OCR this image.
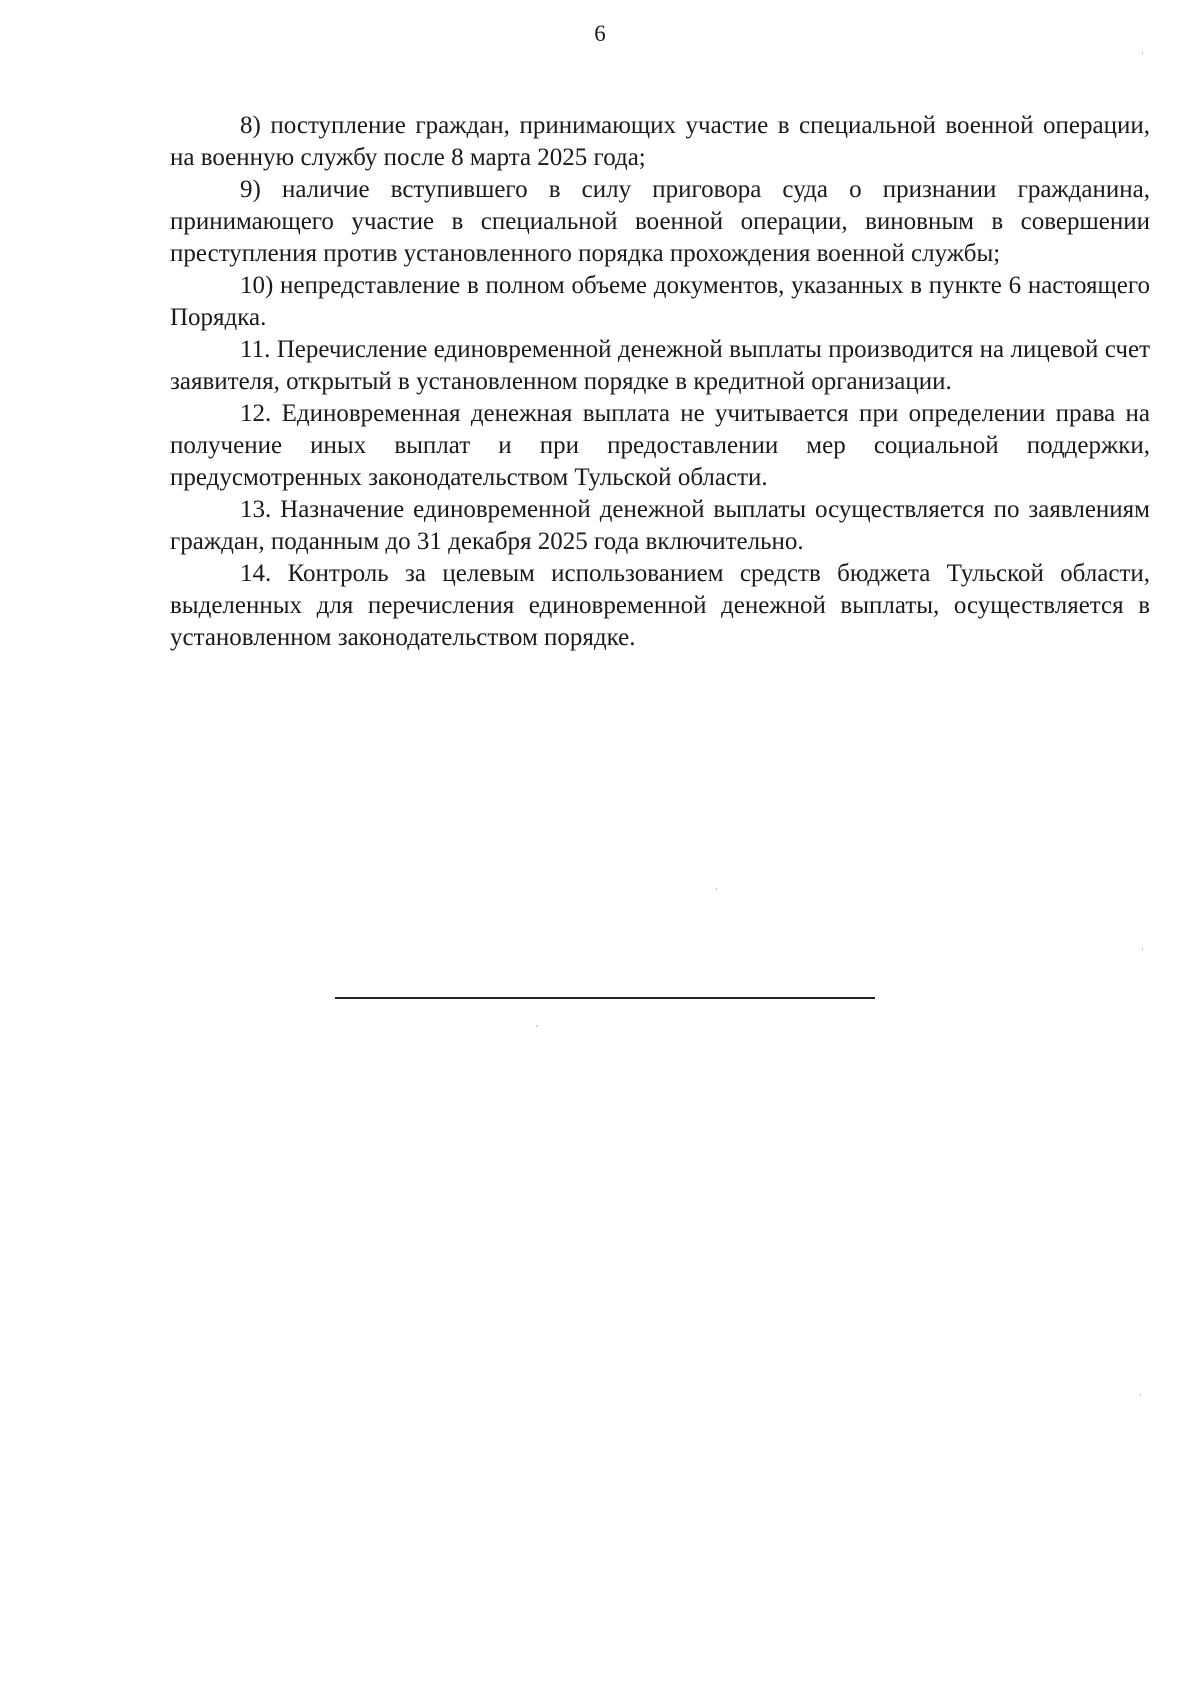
6

8) поступление граждан, принимающих участие в специальной военной операции, на военную службу после 8 марта 2025 года;

9) наличие вступившего в силу приговора суда о признании гражданина, принимающего участие в специальной военной операции, виновным в совершении преступления против установленного порядка прохождения военной службы;

10) непредставление в полном объеме документов, указанных в пункте 6 настоящего Порядка.

11. Перечисление единовременной денежной выплаты производится на лицевой счет заявителя, открытый в установленном порядке в кредитной организации.

12. Единовременная денежная выплата не учитывается при определении права на получение иных выплат и при предоставлении мер социальной поддержки, предусмотренных законодательством Тульской области.

13. Назначение единовременной денежной выплаты осуществляется по заявлениям граждан, поданным до 31 декабря 2025 года включительно.

14. Контроль за целевым использованием средств бюджета Тульской области, выделенных для перечисления единовременной денежной выплаты, осуществляется в установленном законодательством порядке.
